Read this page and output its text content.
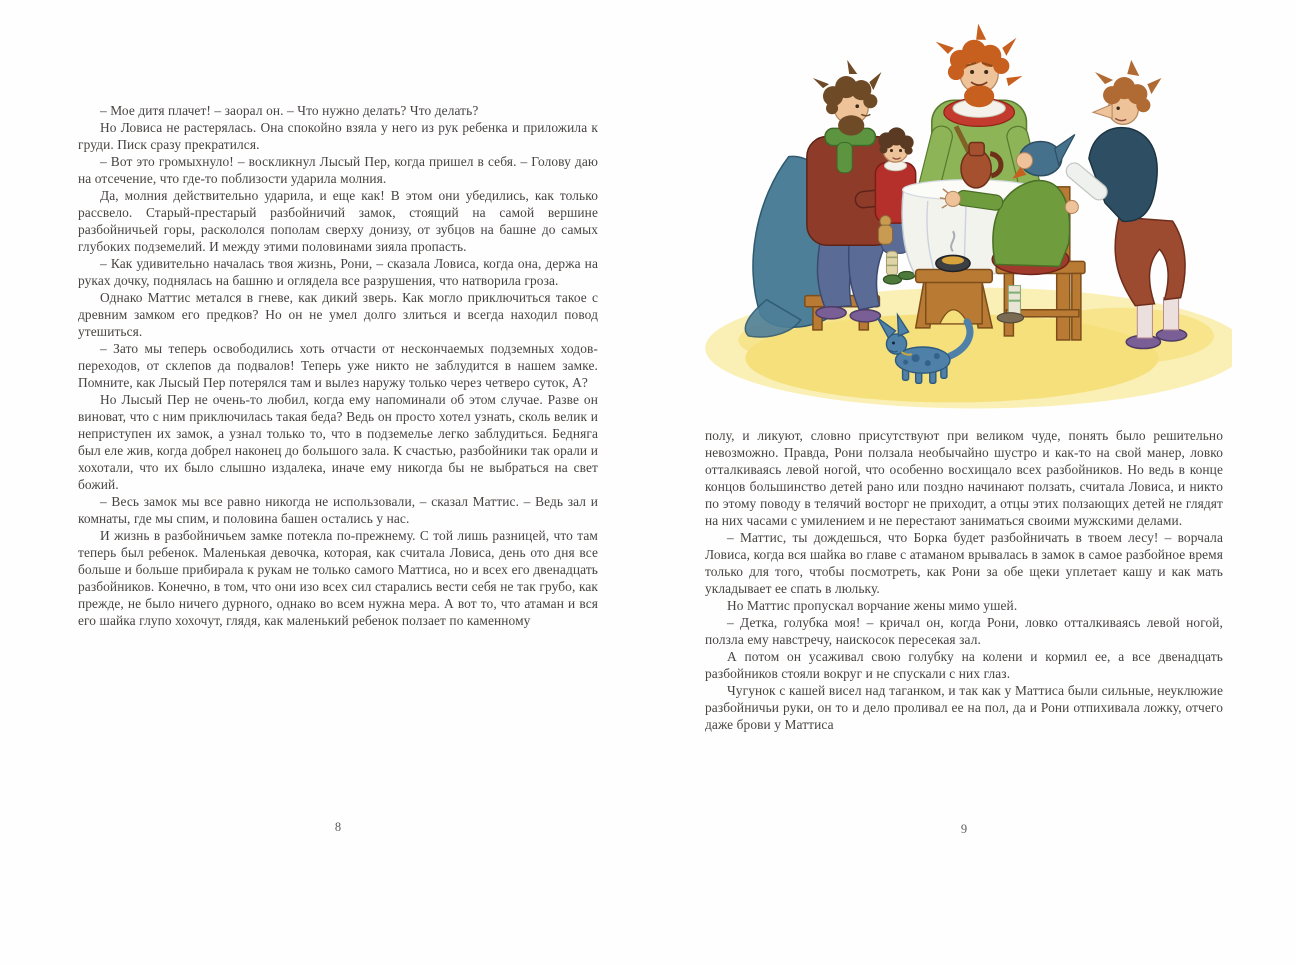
– Мое дитя плачет! – заорал он. – Что нужно делать? Что делать?

Но Ловиса не растерялась. Она спокойно взяла у него из рук ребенка и приложила к груди. Писк сразу прекратился.

– Вот это громыхнуло! – воскликнул Лысый Пер, когда пришел в себя. – Голову даю на отсечение, что где-то поблизости ударила молния.

Да, молния действительно ударила, и еще как! В этом они убедились, как только рассвело. Старый-престарый разбойничий замок, стоящий на самой вершине разбойничьей горы, раскололся пополам сверху донизу, от зубцов на башне до самых глубоких подземелий. И между этими половинами зияла пропасть.

– Как удивительно началась твоя жизнь, Рони, – сказала Ловиса, когда она, держа на руках дочку, поднялась на башню и оглядела все разрушения, что натворила гроза.

Однако Маттис метался в гневе, как дикий зверь. Как могло приключиться такое с древним замком его предков? Но он не умел долго злиться и всегда находил повод утешиться.

– Зато мы теперь освободились хоть отчасти от нескончаемых подземных ходов-переходов, от склепов да подвалов! Теперь уже никто не заблудится в нашем замке. Помните, как Лысый Пер потерялся там и вылез наружу только через четверо суток, А?

Но Лысый Пер не очень-то любил, когда ему напоминали об этом случае. Разве он виноват, что с ним приключилась такая беда? Ведь он просто хотел узнать, сколь велик и неприступен их замок, а узнал только то, что в подземелье легко заблудиться. Бедняга был еле жив, когда добрел наконец до большого зала. К счастью, разбойники так орали и хохотали, что их было слышно издалека, иначе ему никогда бы не выбраться на свет божий.

– Весь замок мы все равно никогда не использовали, – сказал Маттис. – Ведь зал и комнаты, где мы спим, и половина башен остались у нас.

И жизнь в разбойничьем замке потекла по-прежнему. С той лишь разницей, что там теперь был ребенок. Маленькая девочка, которая, как считала Ловиса, день ото дня все больше и больше прибирала к рукам не только самого Маттиса, но и всех его двенадцать разбойников. Конечно, в том, что они изо всех сил старались вести себя не так грубо, как прежде, не было ничего дурного, однако во всем нужна мера. А вот то, что атаман и вся его шайка глупо хохочут, глядя, как маленький ребенок ползает по каменному

8

полу, и ликуют, словно присутствуют при великом чуде, понять было решительно невозможно. Правда, Рони ползала необычайно шустро и как-то на свой манер, ловко отталкиваясь левой ногой, что особенно восхищало всех разбойников. Но ведь в конце концов большинство детей рано или поздно начинают ползать, считала Ловиса, и никто по этому поводу в телячий восторг не приходит, а отцы этих ползающих детей не глядят на них часами с умилением и не перестают заниматься своими мужскими делами.

– Маттис, ты дождешься, что Борка будет разбойничать в твоем лесу! – ворчала Ловиса, когда вся шайка во главе с атаманом врывалась в замок в самое разбойное время только для того, чтобы посмотреть, как Рони за обе щеки уплетает кашу и как мать укладывает ее спать в люльку.

Но Маттис пропускал ворчание жены мимо ушей.

– Детка, голубка моя! – кричал он, когда Рони, ловко отталкиваясь левой ногой, ползла ему навстречу, наискосок пересекая зал.

А потом он усаживал свою голубку на колени и кормил ее, а все двенадцать разбойников стояли вокруг и не спускали с них глаз.

Чугунок с кашей висел над таганком, и так как у Маттиса были сильные, неуклюжие разбойничьи руки, он то и дело проливал ее на пол, да и Рони отпихивала ложку, отчего даже брови у Маттиса

9
